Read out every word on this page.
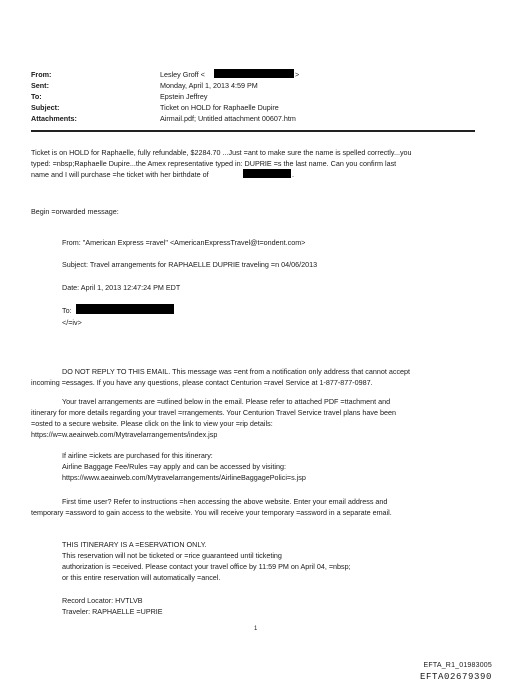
From:	Lesley Groff <	>
Sent:	Monday, April 1, 2013 4:59 PM
To:	Epstein Jeffrey
Subject:	Ticket on HOLD for Raphaelle Dupire
Attachments:	Airmail.pdf; Untitled attachment 00607.htm
Ticket is on HOLD for Raphaelle, fully refundable, $2284.70 ...Just =ant to make sure the name is spelled correctly...you
typed: =nbsp;Raphaelle Dupire...the Amex representative typed in: DUPRIE =s the last name. Can you confirm last
name and I will purchase =he ticket with her birthdate of	.
Begin =orwarded message:
From: "American Express =ravel" <AmericanExpressTravel@t=ondent.com>
Subject: Travel arrangements for RAPHAELLE DUPRIE traveling =n 04/06/2013
Date: April 1, 2013 12:47:24 PM EDT
To:
</=iv>
DO NOT REPLY TO THIS EMAIL. This message was =ent from a notification only address that cannot accept
incoming =essages. If you have any questions, please contact Centurion =ravel Service at 1-877-877-0987.
Your travel arrangements are =utlined below in the email. Please refer to attached PDF =ttachment and
itinerary for more details regarding your travel =rrangements. Your Centurion Travel Service travel plans have been
=osted to a secure website. Please click on the link to view your =rip details:
https://w=w.aeairweb.com/Mytravelarrangements/index.jsp
If airline =ickets are purchased for this itinerary:
Airline Baggage Fee/Rules =ay apply and can be accessed by visiting:
https://www.aeairweb.com/Mytravelarrangements/AirlineBaggagePolici=s.jsp
First time user? Refer to instructions =hen accessing the above website. Enter your email address and
temporary =assword to gain access to the website. You will receive your temporary =assword in a separate email.
THIS ITINERARY IS A =ESERVATION ONLY.
This reservation will not be ticketed or =rice guaranteed until ticketing
authorization is =eceived. Please contact your travel office by 11:59 PM on April 04, =nbsp;
or this entire reservation will automatically =ancel.
Record Locator: HVTLVB
Traveler: RAPHAELLE =UPRIE
1
EFTA_R1_01983005
EFTA02679390
